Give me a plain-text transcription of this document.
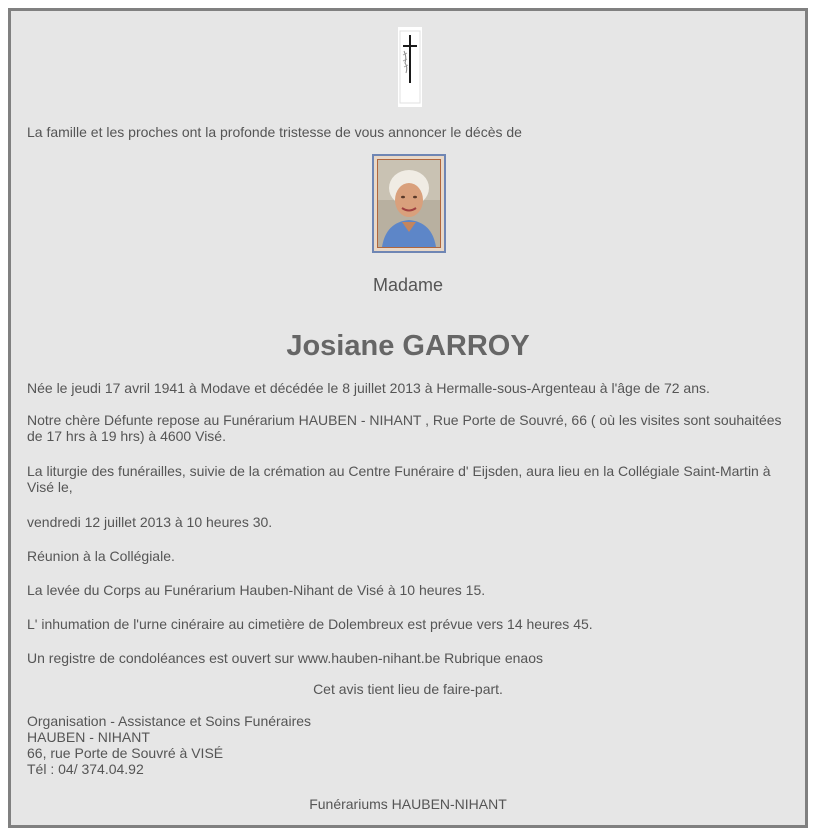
La famille et les proches ont la profonde tristesse de vous annoncer le décès de

Madame

Josiane GARROY

Née le jeudi 17 avril 1941 à Modave et décédée le 8 juillet 2013 à Hermalle-sous-Argenteau à l'âge de 72 ans.

Notre chère Défunte repose au Funérarium HAUBEN - NIHANT , Rue Porte de Souvré, 66 ( où les visites sont souhaitées de 17 hrs à 19 hrs) à 4600 Visé.

La liturgie des funérailles, suivie de la crémation au Centre Funéraire d' Eijsden, aura lieu en la Collégiale Saint-Martin à Visé le,

vendredi 12 juillet 2013 à 10 heures 30.

Réunion à la Collégiale.

La levée du Corps au Funérarium Hauben-Nihant de Visé à 10 heures 15.

L' inhumation de l'urne cinéraire au cimetière de Dolembreux est prévue vers 14 heures 45.

Un registre de condoléances est ouvert sur www.hauben-nihant.be Rubrique enaos

Cet avis tient lieu de faire-part.

Organisation - Assistance et Soins Funéraires

HAUBEN - NIHANT

66, rue Porte de Souvré à VISÉ

Tél : 04/ 374.04.92

Funérariums HAUBEN-NIHANT
